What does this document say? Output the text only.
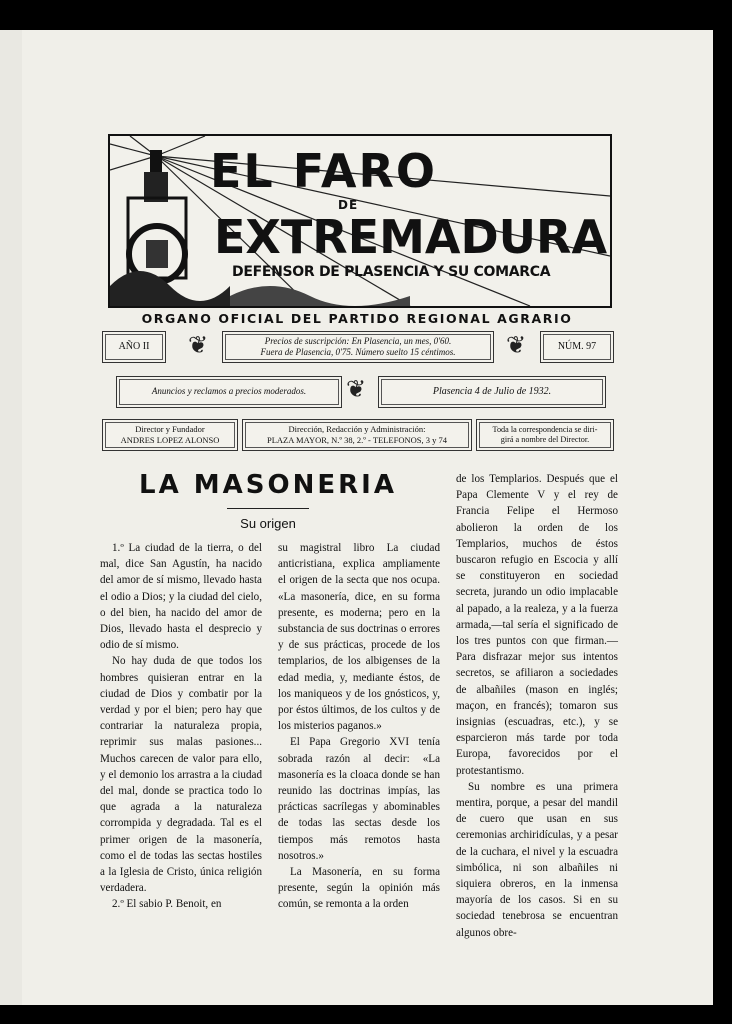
EL FARO
DE
EXTREMADURA
DEFENSOR DE PLASENCIA Y SU COMARCA
ORGANO OFICIAL DEL PARTIDO REGIONAL AGRARIO
AÑO II ❦	Precios de suscripción: En Plasencia, un mes, 0'60.
Fuera de Plasencia, 0'75. Número suelto 15 céntimos. ❦	NÚM. 97
Anuncios y reclamos a precios moderados. ❦	Plasencia 4 de Julio de 1932.
Director y Fundador
ANDRES LOPEZ ALONSO
Dirección, Redacción y Administración:
PLAZA MAYOR, N.º 38, 2.º - TELEFONOS, 3 y 74
Toda la correspondencia se diri-
girá a nombre del Director.
LA MASONERIA
Su origen

1.º La ciudad de la tierra, o del mal, dice San Agustín, ha nacido del amor de sí mismo, llevado hasta el odio a Dios; y la ciudad del cielo, o del bien, ha nacido del amor de Dios, llevado hasta el desprecio y odio de sí mismo.

No hay duda de que todos los hombres quisieran entrar en la ciudad de Dios y combatir por la verdad y por el bien; pero hay que contrariar la naturaleza propia, reprimir sus malas pasiones... Muchos carecen de valor para ello, y el demonio los arrastra a la ciudad del mal, donde se practica todo lo que agrada a la naturaleza corrompida y degradada. Tal es el primer origen de la masonería, como el de todas las sectas hostiles a la Iglesia de Cristo, única religión verdadera.

2.º El sabio P. Benoit, en

su magistral libro La ciudad anticristiana, explica ampliamente el origen de la secta que nos ocupa. «La masonería, dice, en su forma presente, es moderna; pero en la substancia de sus doctrinas o errores y de sus prácticas, procede de los templarios, de los albigenses de la edad media, y, mediante éstos, de los maniqueos y de los gnósticos, y, por éstos últimos, de los cultos y de los misterios paganos.»

El Papa Gregorio XVI tenía sobrada razón al decir: «La masonería es la cloaca donde se han reunido las doctrinas impías, las prácticas sacrílegas y abominables de todas las sectas desde los tiempos más remotos hasta nosotros.»

La Masonería, en su forma presente, según la opinión más común, se remonta a la orden

de los Templarios. Después que el Papa Clemente V y el rey de Francia Felipe el Hermoso abolieron la orden de los Templarios, muchos de éstos buscaron refugio en Escocia y allí se constituyeron en sociedad secreta, jurando un odio implacable al papado, a la realeza, y a la fuerza armada,—tal sería el significado de los tres puntos con que firman.—Para disfrazar mejor sus intentos secretos, se afiliaron a sociedades de albañiles (mason en inglés; maçon, en francés); tomaron sus insignias (escuadras, etc.), y se esparcieron más tarde por toda Europa, favorecidos por el protestantismo.

Su nombre es una primera mentira, porque, a pesar del mandil de cuero que usan en sus ceremonias archiridículas, y a pesar de la cuchara, el nivel y la escuadra simbólica, ni son albañiles ni siquiera obreros, en la inmensa mayoría de los casos. Si en su sociedad tenebrosa se encuentran algunos obre-
